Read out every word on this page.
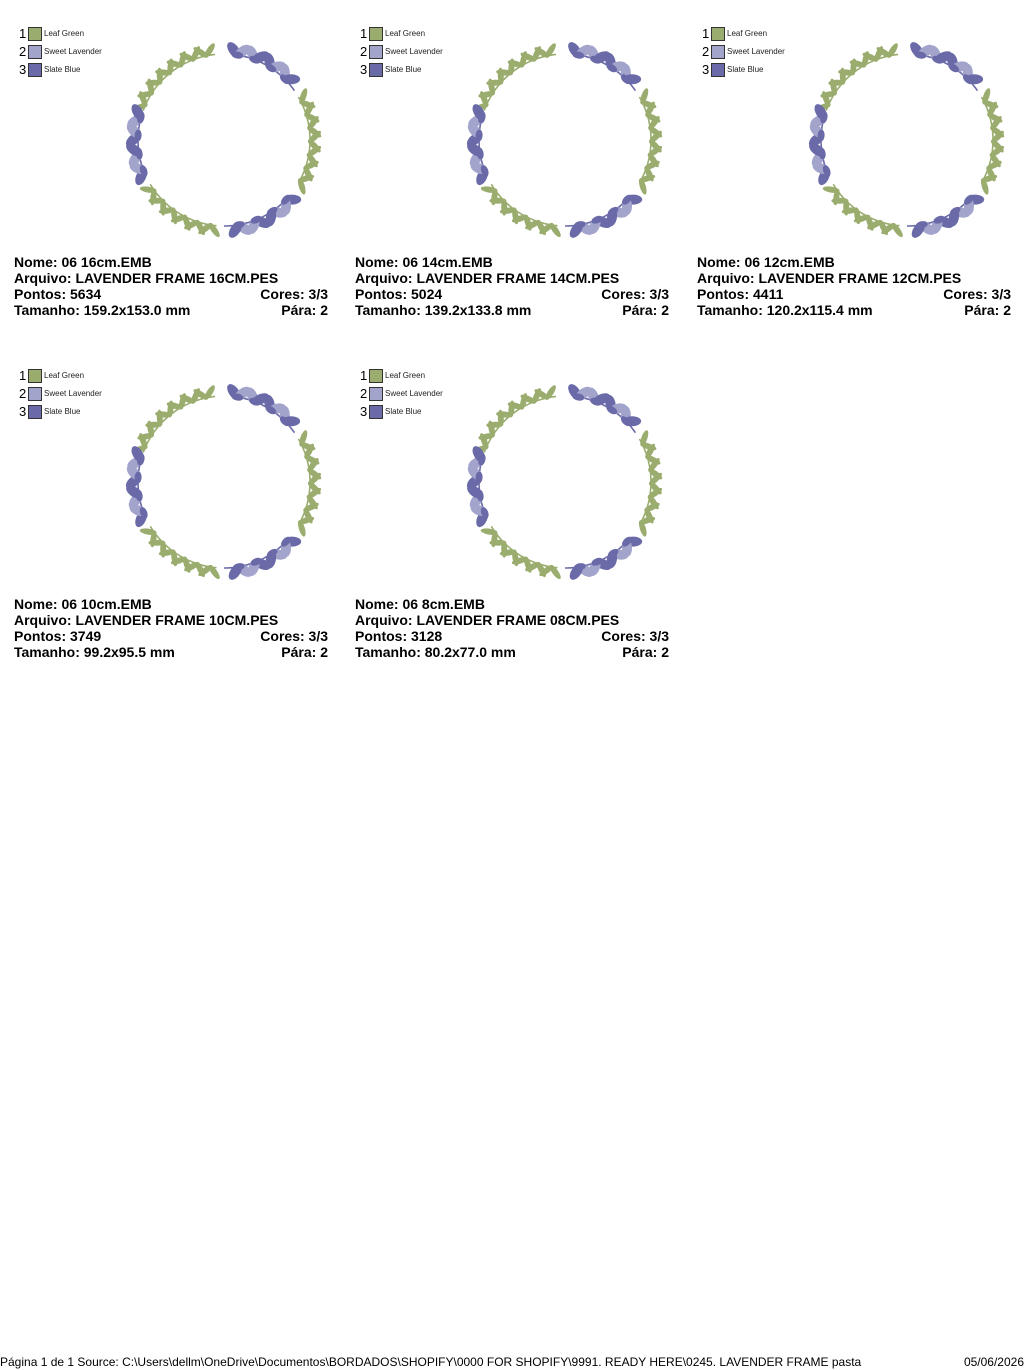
1 Leaf Green
2 Sweet Lavender
3 Slate Blue
Nome: 06 16cm.EMB
Arquivo: LAVENDER FRAME 16CM.PES
Pontos: 5634	Cores: 3/3
Tamanho: 159.2x153.0 mm	Pára: 2
1 Leaf Green
2 Sweet Lavender
3 Slate Blue
Nome: 06 14cm.EMB
Arquivo: LAVENDER FRAME 14CM.PES
Pontos: 5024	Cores: 3/3
Tamanho: 139.2x133.8 mm	Pára: 2
1 Leaf Green
2 Sweet Lavender
3 Slate Blue
Nome: 06 12cm.EMB
Arquivo: LAVENDER FRAME 12CM.PES
Pontos: 4411	Cores: 3/3
Tamanho: 120.2x115.4 mm	Pára: 2
1 Leaf Green
2 Sweet Lavender
3 Slate Blue
Nome: 06 10cm.EMB
Arquivo: LAVENDER FRAME 10CM.PES
Pontos: 3749	Cores: 3/3
Tamanho: 99.2x95.5 mm	Pára: 2
1 Leaf Green
2 Sweet Lavender
3 Slate Blue
Nome: 06 8cm.EMB
Arquivo: LAVENDER FRAME 08CM.PES
Pontos: 3128	Cores: 3/3
Tamanho: 80.2x77.0 mm	Pára: 2
Página 1 de 1 Source: C:\Users\dellm\OneDrive\Documentos\BORDADOS\SHOPIFY\0000 FOR SHOPIFY\9991. READY HERE\0245. LAVENDER FRAME pasta	05/06/2026
